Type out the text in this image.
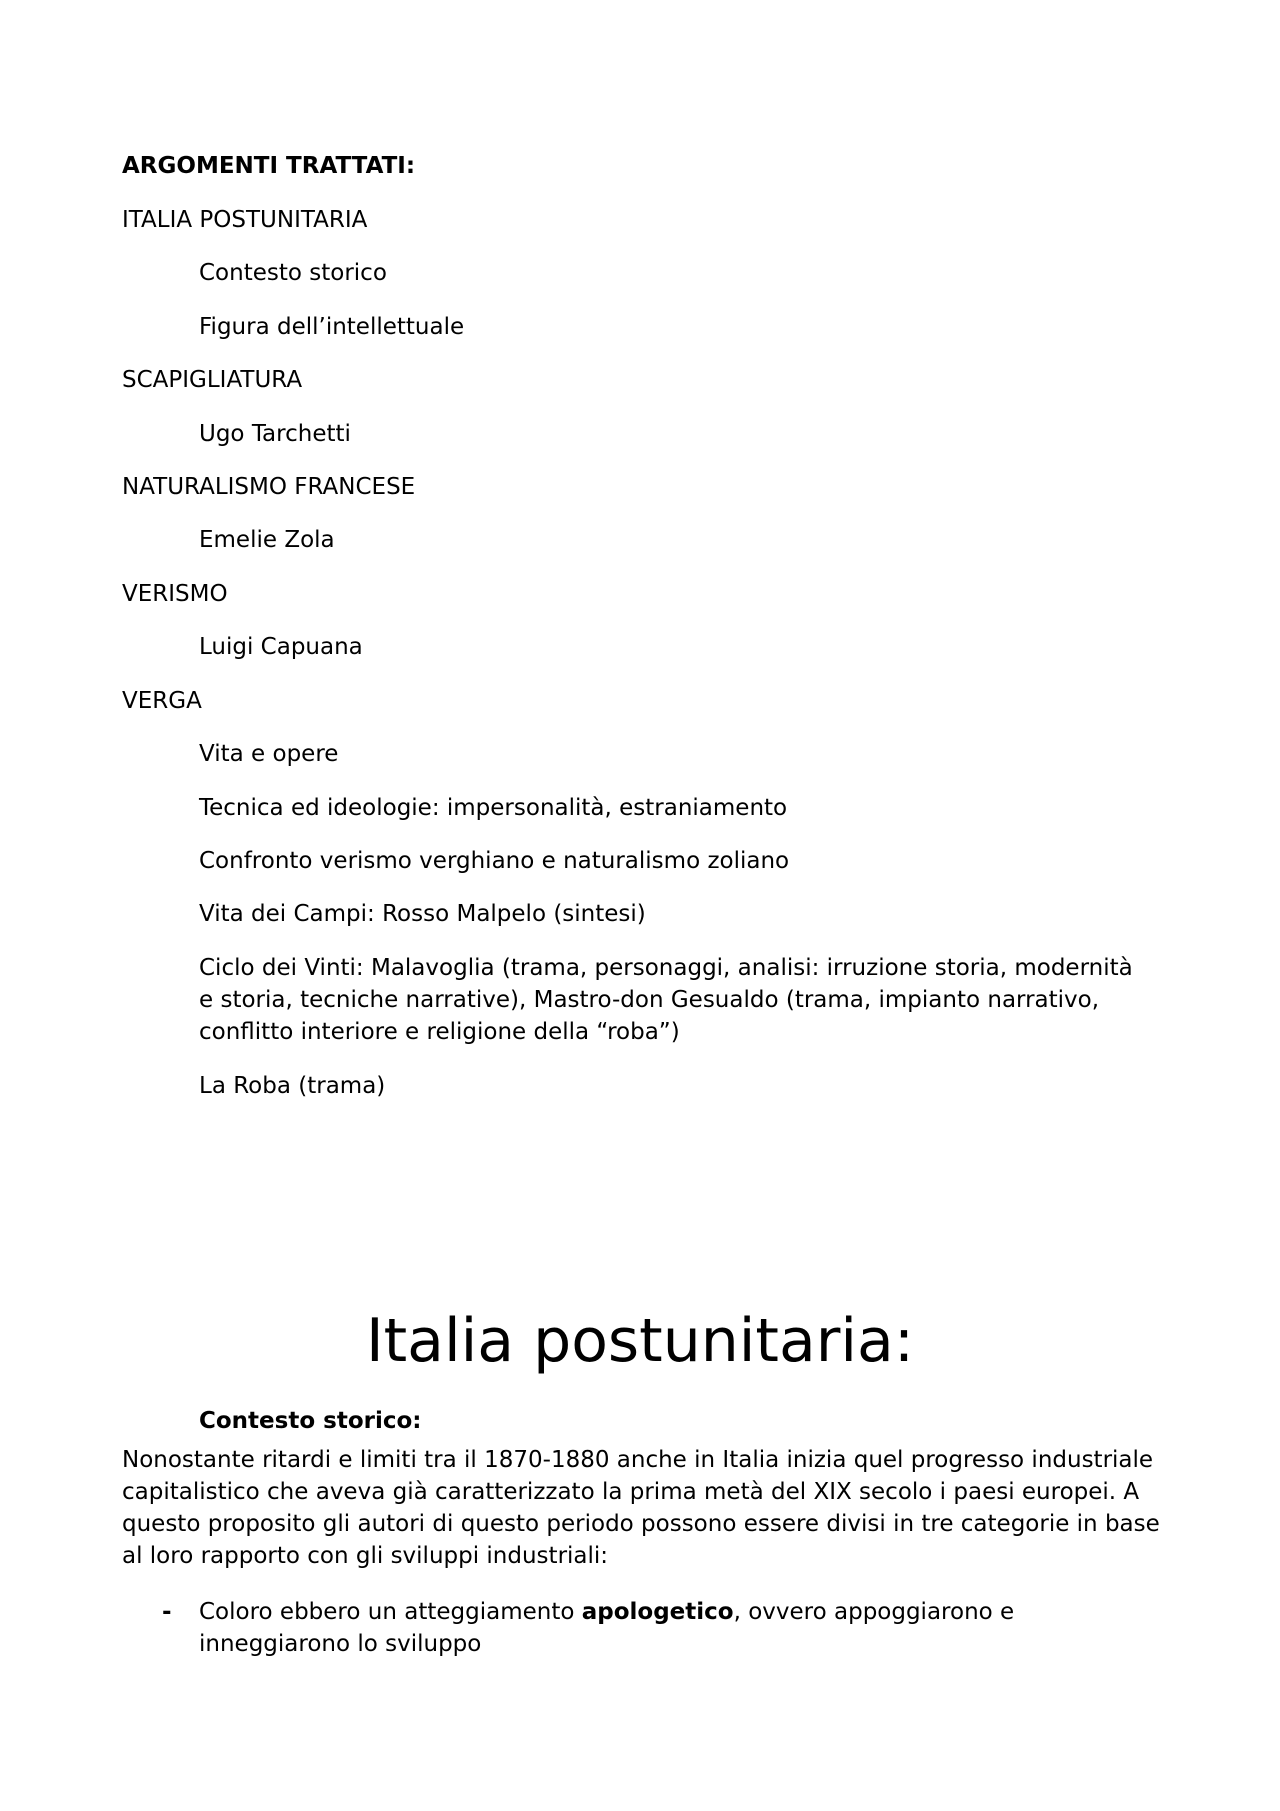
ARGOMENTI TRATTATI:
ITALIA POSTUNITARIA
Contesto storico
Figura dell’intellettuale
SCAPIGLIATURA
Ugo Tarchetti
NATURALISMO FRANCESE
Emelie Zola
VERISMO
Luigi Capuana
VERGA
Vita e opere
Tecnica ed ideologie: impersonalità, estraniamento
Confronto verismo verghiano e naturalismo zoliano
Vita dei Campi: Rosso Malpelo (sintesi)
Ciclo dei Vinti: Malavoglia (trama, personaggi, analisi: irruzione storia, modernità e storia, tecniche narrative), Mastro-don Gesualdo (trama, impianto narrativo, conflitto interiore e religione della “roba”)
La Roba (trama)
Italia postunitaria:
Contesto storico:
Nonostante ritardi e limiti tra il 1870-1880 anche in Italia inizia quel progresso industriale capitalistico che aveva già caratterizzato la prima metà del XIX secolo i paesi europei. A questo proposito gli autori di questo periodo possono essere divisi in tre categorie in base al loro rapporto con gli sviluppi industriali:
- Coloro ebbero un atteggiamento apologetico, ovvero appoggiarono e inneggiarono lo sviluppo
